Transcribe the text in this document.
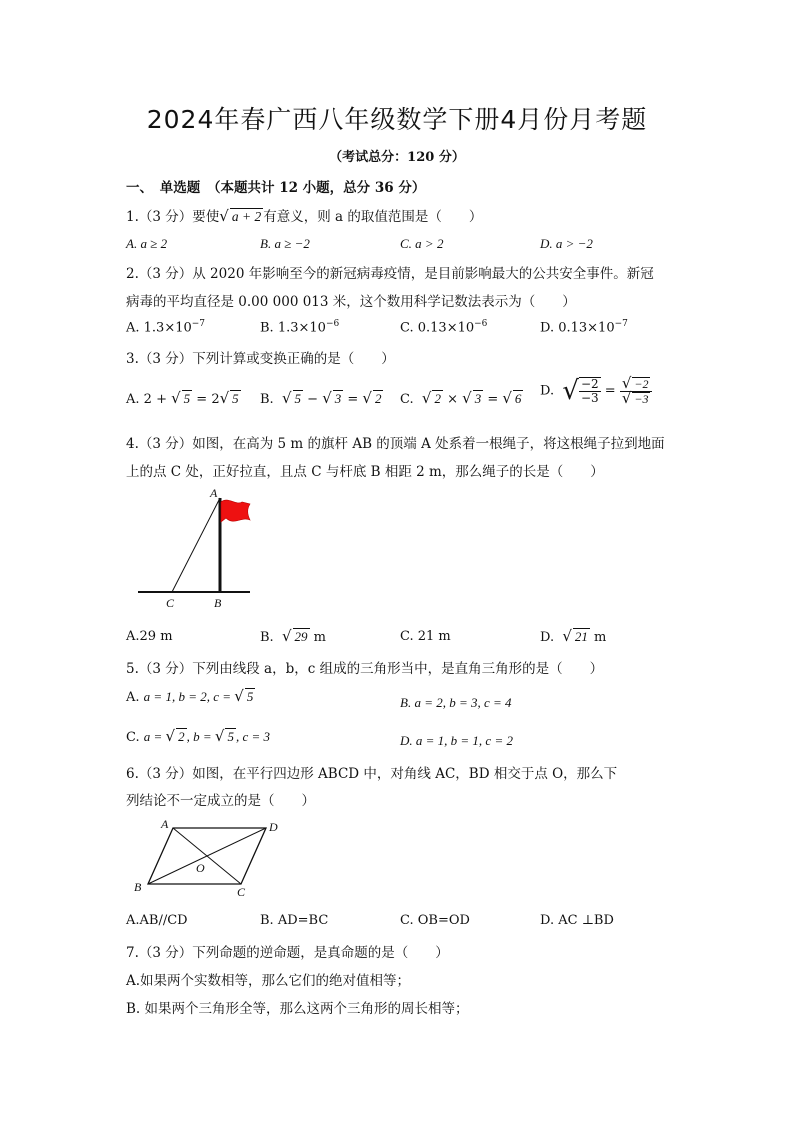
2024年春广西八年级数学下册4月份月考题
（考试总分：120 分）
一、　单选题　（本题共计 12 小题，总分 36 分）
1.（3 分）要使√ a + 2 有意义，则 a 的取值范围是（　　）
A. a ≥ 2	B. a ≥ −2	C. a > 2	D. a > −2
2.（3 分）从 2020 年影响至今的新冠病毒疫情，是目前影响最大的公共安全事件。新冠
病毒的平均直径是 0.00 000 013 米，这个数用科学记数法表示为（　　）
A. $1.3\times 10^{-7}$	B. $1.3\times 10^{-6}$	C. $0.13\times 10^{-6}$	D. $0.13\times 10^{-7}$
3.（3 分）下列计算或变换正确的是（　　）
A. 2 + √ 5 = 2√ 5 B. √ 5 − √ 3 = √ 2 C. √ 2 × √ 3 = √ 6 D. √ $\frac{-2}{-3} = \frac{√ -2}{√ -3}$
4.（3 分）如图，在高为 5 m 的旗杆 AB 的顶端 A 处系着一根绳子，将这根绳子拉到地面
上的点 C 处，正好拉直，且点 C 与杆底 B 相距 2 m，那么绳子的长是（　　）
A
B
C
A.29 m	B. √ 29 m	C. 21 m	D. √ 21 m
5.（3 分）下列由线段 a，b，c 组成的三角形当中，是直角三角形的是（　　）
A. a = 1, b = 2, c = √ 5	B. a = 2, b = 3, c = 4
C. a = √ 2 , b = √ 5 , c = 3	D. a = 1, b = 1, c = 2
6.（3 分）如图，在平行四边形 ABCD 中，对角线 AC，BD 相交于点 O，那么下
列结论不一定成立的是（　　）
A	D
B	C
O
A.AB//CD	B. AD=BC	C. OB=OD	D. AC ⊥BD
7.（3 分）下列命题的逆命题，是真命题的是（　　）
A.如果两个实数相等，那么它们的绝对值相等；
B. 如果两个三角形全等，那么这两个三角形的周长相等；
